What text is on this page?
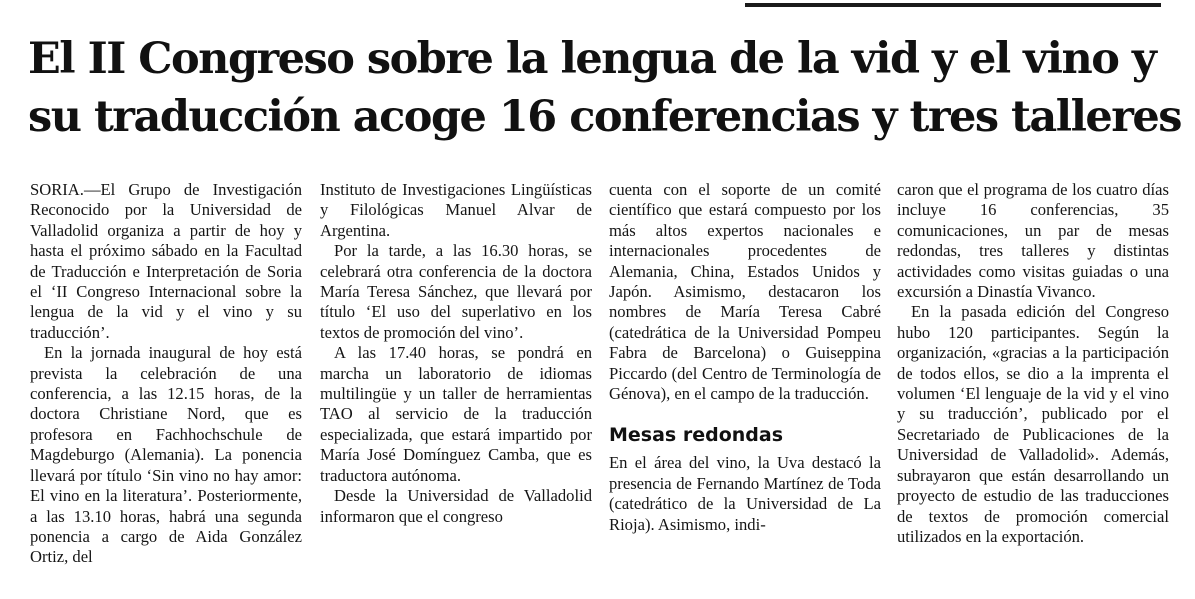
El II Congreso sobre la lengua de la vid y el vino y
su traducción acoge 16 conferencias y tres talleres

SORIA.—El Grupo de Investigación Reconocido por la Universidad de Valladolid organiza a partir de hoy y hasta el próximo sábado en la Facultad de Traducción e Interpretación de Soria el ‘II Congreso Internacional sobre la lengua de la vid y el vino y su traducción’.

En la jornada inaugural de hoy está prevista la celebración de una conferencia, a las 12.15 horas, de la doctora Christiane Nord, que es profesora en Fachhochschule de Magdeburgo (Alemania). La ponencia llevará por título ‘Sin vino no hay amor: El vino en la literatura’. Posteriormente, a las 13.10 horas, habrá una segunda ponencia a cargo de Aida González Ortiz, del

Instituto de Investigaciones Lingüísticas y Filológicas Manuel Alvar de Argentina.

Por la tarde, a las 16.30 horas, se celebrará otra conferencia de la doctora María Teresa Sánchez, que llevará por título ‘El uso del superlativo en los textos de promoción del vino’.

A las 17.40 horas, se pondrá en marcha un laboratorio de idiomas multilingüe y un taller de herramientas TAO al servicio de la traducción especializada, que estará impartido por María José Domínguez Camba, que es traductora autónoma.

Desde la Universidad de Valladolid informaron que el congreso

cuenta con el soporte de un comité científico que estará compuesto por los más altos expertos nacionales e internacionales procedentes de Alemania, China, Estados Unidos y Japón. Asimismo, destacaron los nombres de María Teresa Cabré (catedrática de la Universidad Pompeu Fabra de Barcelona) o Guiseppina Piccardo (del Centro de Terminología de Génova), en el campo de la traducción.

Mesas redondas

En el área del vino, la Uva destacó la presencia de Fernando Martínez de Toda (catedrático de la Universidad de La Rioja). Asimismo, indi-

caron que el programa de los cuatro días incluye 16 conferencias, 35 comunicaciones, un par de mesas redondas, tres talleres y distintas actividades como visitas guiadas o una excursión a Dinastía Vivanco.

En la pasada edición del Congreso hubo 120 participantes. Según la organización, «gracias a la participación de todos ellos, se dio a la imprenta el volumen ‘El lenguaje de la vid y el vino y su traducción’, publicado por el Secretariado de Publicaciones de la Universidad de Valladolid». Además, subrayaron que están desarrollando un proyecto de estudio de las traducciones de textos de promoción comercial utilizados en la exportación.
